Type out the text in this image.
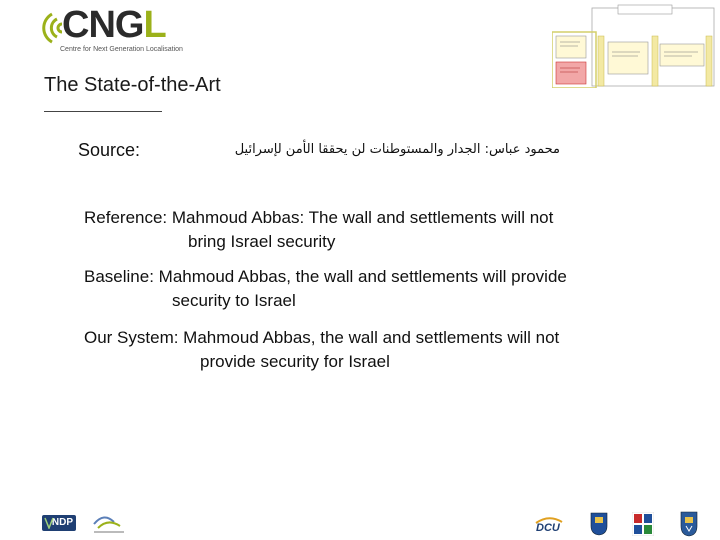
CNGL
Centre for Next Generation Localisation
The State-of-the-Art
Source:	محمود عباس: الجدار والمستوطنات لن يحققا الأمن لإسرائيل
Reference: Mahmoud Abbas: The wall and settlements will not
bring Israel security
Baseline: Mahmoud Abbas, the wall and settlements will provide
security to Israel
Our System: Mahmoud Abbas, the wall and settlements will not
provide security for Israel
NDP	DCU
